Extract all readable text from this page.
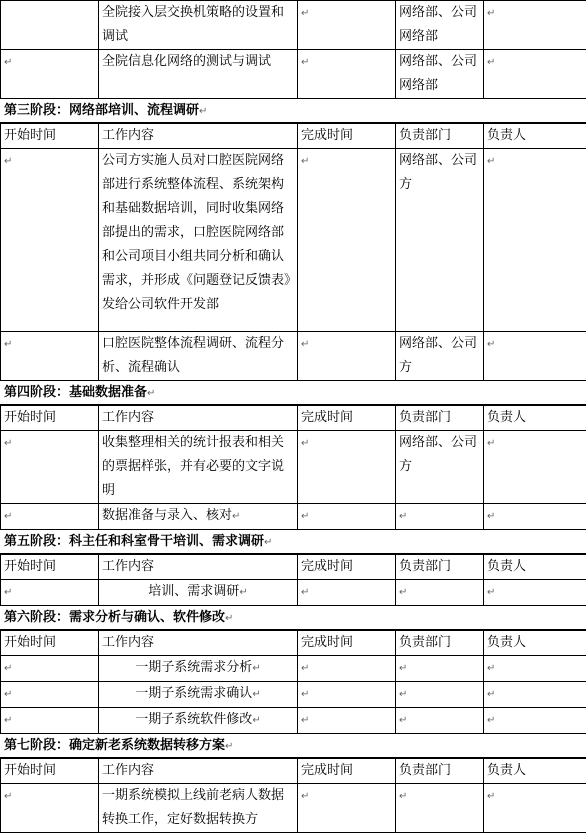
	全院接入层交换机策略的设置和调试	↵	网络部、公司网络部	↵
↵	全院信息化网络的测试与调试	↵	网络部、公司网络部	↵
第三阶段：网络部培训、流程调研↵
开始时间	工作内容	完成时间	负责部门	负责人
↵	公司方实施人员对口腔医院网络部进行系统整体流程、系统架构和基础数据培训，同时收集网络部提出的需求，口腔医院网络部和公司项目小组共同分析和确认需求，并形成《问题登记反馈表》发给公司软件开发部	↵	网络部、公司方	↵
↵	口腔医院整体流程调研、流程分析、流程确认	↵	网络部、公司方	↵
第四阶段：基础数据准备↵
开始时间	工作内容	完成时间	负责部门	负责人
↵	收集整理相关的统计报表和相关的票据样张，并有必要的文字说明	↵	网络部、公司方	↵
↵	数据准备与录入、核对↵	↵	↵	↵
第五阶段：科主任和科室骨干培训、需求调研↵
开始时间	工作内容	完成时间	负责部门	负责人
↵	培训、需求调研↵	↵	↵	↵
第六阶段：需求分析与确认、软件修改↵
开始时间	工作内容	完成时间	负责部门	负责人
↵	一期子系统需求分析↵	↵	↵	↵
↵	一期子系统需求确认↵	↵	↵	↵
↵	一期子系统软件修改↵	↵	↵	↵
第七阶段：确定新老系统数据转移方案↵
开始时间	工作内容	完成时间	负责部门	负责人
↵	一期系统模拟上线前老病人数据转换工作，定好数据转换方	↵	↵	↵
